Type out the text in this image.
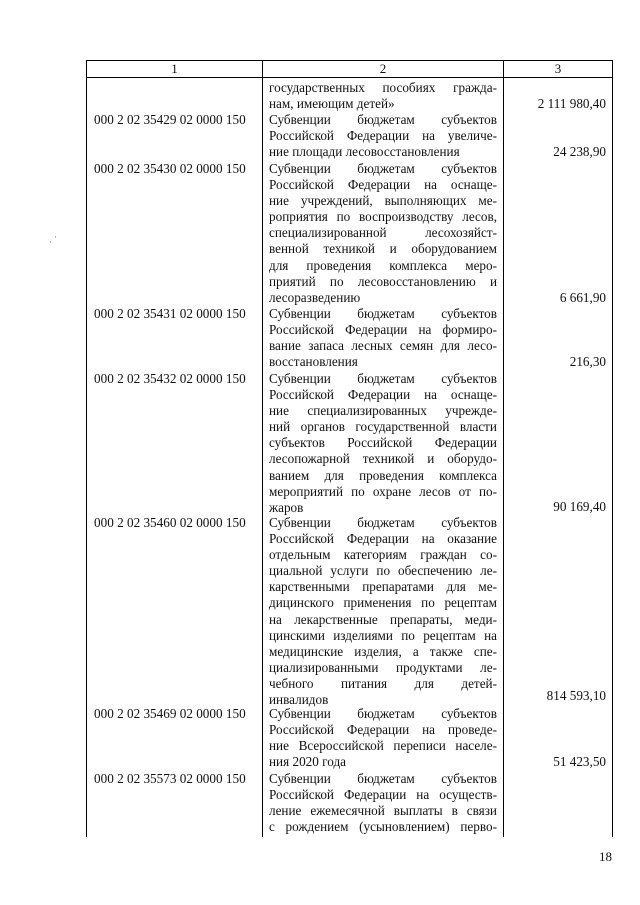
1	2	3
государственных пособиях гражда-
нам, имеющим детей»	2 111 980,40
000 2 02 35429 02 0000 150	Субвенции бюджетам субъектов
Российской Федерации на увеличе-
ние площади лесовосстановления	24 238,90
000 2 02 35430 02 0000 150	Субвенции бюджетам субъектов
Российской Федерации на оснаще-
ние учреждений, выполняющих ме-
роприятия по воспроизводству лесов,
специализированной лесохозяйст-
венной техникой и оборудованием
для проведения комплекса меро-
приятий по лесовосстановлению и
лесоразведению	6 661,90
000 2 02 35431 02 0000 150	Субвенции бюджетам субъектов
Российской Федерации на формиро-
вание запаса лесных семян для лесо-
восстановления	216,30
000 2 02 35432 02 0000 150	Субвенции бюджетам субъектов
Российской Федерации на оснаще-
ние специализированных учрежде-
ний органов государственной власти
субъектов Российской Федерации
лесопожарной техникой и оборудо-
ванием для проведения комплекса
мероприятий по охране лесов от по-
жаров	90 169,40
000 2 02 35460 02 0000 150	Субвенции бюджетам субъектов
Российской Федерации на оказание
отдельным категориям граждан со-
циальной услуги по обеспечению ле-
карственными препаратами для ме-
дицинского применения по рецептам
на лекарственные препараты, меди-
цинскими изделиями по рецептам на
медицинские изделия, а также спе-
циализированными продуктами ле-
чебного питания для детей-
инвалидов	814 593,10
000 2 02 35469 02 0000 150	Субвенции бюджетам субъектов
Российской Федерации на проведе-
ние Всероссийской переписи населе-
ния 2020 года	51 423,50
000 2 02 35573 02 0000 150	Субвенции бюджетам субъектов
Российской Федерации на осуществ-
ление ежемесячной выплаты в связи
с рождением (усыновлением) перво-
18
·
·
